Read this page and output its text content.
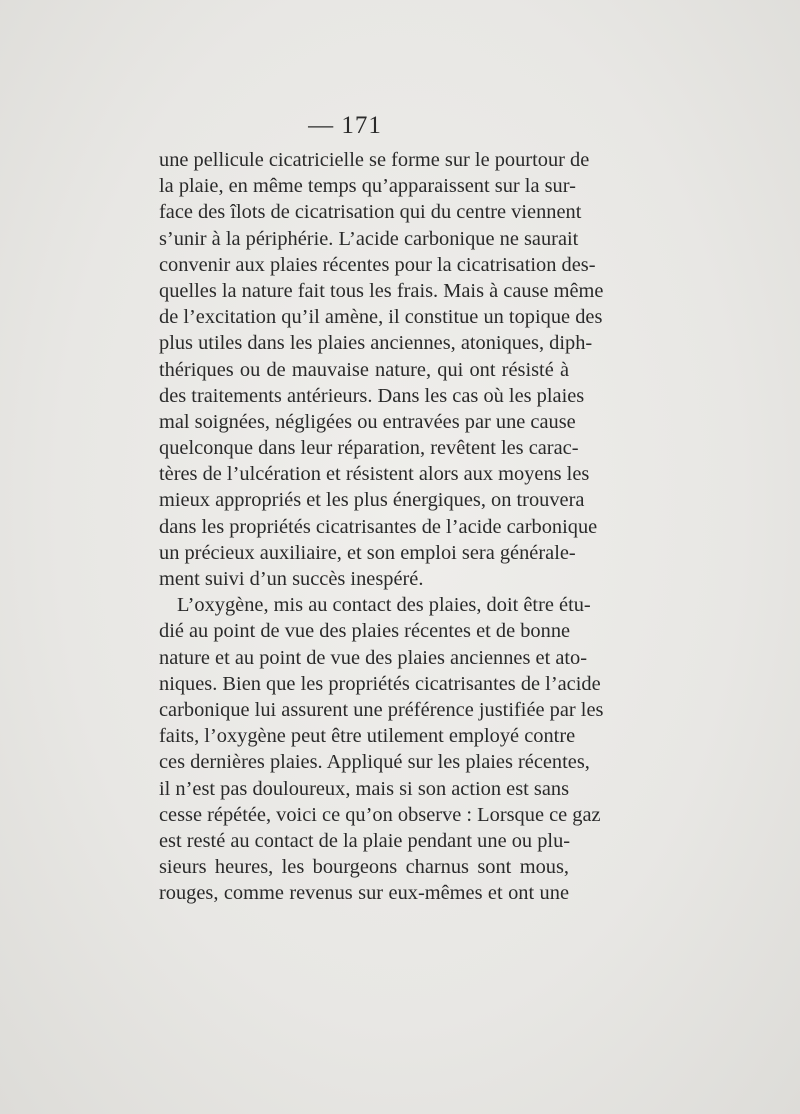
— 171
une pellicule cicatricielle se forme sur le pourtour de
la plaie, en même temps qu’apparaissent sur la sur-
face des îlots de cicatrisation qui du centre viennent
s’unir à la périphérie. L’acide carbonique ne saurait
convenir aux plaies récentes pour la cicatrisation des-
quelles la nature fait tous les frais. Mais à cause même
de l’excitation qu’il amène, il constitue un topique des
plus utiles dans les plaies anciennes, atoniques, diph-
thériques ou de mauvaise nature, qui ont résisté à
des traitements antérieurs. Dans les cas où les plaies
mal soignées, négligées ou entravées par une cause
quelconque dans leur réparation, revêtent les carac-
tères de l’ulcération et résistent alors aux moyens les
mieux appropriés et les plus énergiques, on trouvera
dans les propriétés cicatrisantes de l’acide carbonique
un précieux auxiliaire, et son emploi sera générale-
ment suivi d’un succès inespéré.
L’oxygène, mis au contact des plaies, doit être étu-
dié au point de vue des plaies récentes et de bonne
nature et au point de vue des plaies anciennes et ato-
niques. Bien que les propriétés cicatrisantes de l’acide
carbonique lui assurent une préférence justifiée par les
faits, l’oxygène peut être utilement employé contre
ces dernières plaies. Appliqué sur les plaies récentes,
il n’est pas douloureux, mais si son action est sans
cesse répétée, voici ce qu’on observe : Lorsque ce gaz
est resté au contact de la plaie pendant une ou plu-
sieurs heures, les bourgeons charnus sont mous,
rouges, comme revenus sur eux-mêmes et ont une
